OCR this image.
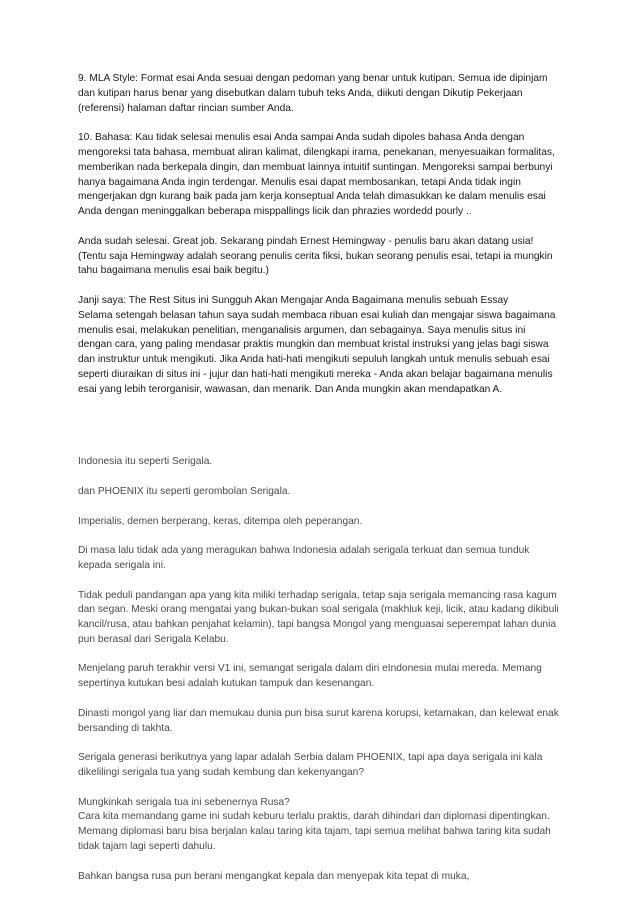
9. MLA Style: Format esai Anda sesuai dengan pedoman yang benar untuk kutipan. Semua ide dipinjam dan kutipan harus benar yang disebutkan dalam tubuh teks Anda, diikuti dengan Dikutip Pekerjaan (referensi) halaman daftar rincian sumber Anda.

10. Bahasa: Kau tidak selesai menulis esai Anda sampai Anda sudah dipoles bahasa Anda dengan mengoreksi tata bahasa, membuat aliran kalimat, dilengkapi irama, penekanan, menyesuaikan formalitas, memberikan nada berkepala dingin, dan membuat lainnya intuitif suntingan. Mengoreksi sampai berbunyi hanya bagaimana Anda ingin terdengar. Menulis esai dapat membosankan, tetapi Anda tidak ingin mengerjakan dgn kurang baik pada jam kerja konseptual Anda telah dimasukkan ke dalam menulis esai Anda dengan meninggalkan beberapa misppallings licik dan phrazies wordedd pourly ..

Anda sudah selesai. Great job. Sekarang pindah Ernest Hemingway - penulis baru akan datang usia! (Tentu saja Hemingway adalah seorang penulis cerita fiksi, bukan seorang penulis esai, tetapi ia mungkin tahu bagaimana menulis esai baik begitu.)

Janji saya: The Rest Situs ini Sungguh Akan Mengajar Anda Bagaimana menulis sebuah Essay
Selama setengah belasan tahun saya sudah membaca ribuan esai kuliah dan mengajar siswa bagaimana menulis esai, melakukan penelitian, menganalisis argumen, dan sebagainya. Saya menulis situs ini dengan cara, yang paling mendasar praktis mungkin dan membuat kristal instruksi yang jelas bagi siswa dan instruktur untuk mengikuti. Jika Anda hati-hati mengikuti sepuluh langkah untuk menulis sebuah esai seperti diuraikan di situs ini - jujur dan hati-hati mengikuti mereka - Anda akan belajar bagaimana menulis esai yang lebih terorganisir, wawasan, dan menarik. Dan Anda mungkin akan mendapatkan A.

Indonesia itu seperti Serigala.

dan PHOENIX itu seperti gerombolan Serigala.

Imperialis, demen berperang, keras, ditempa oleh peperangan.

Di masa lalu tidak ada yang meragukan bahwa Indonesia adalah serigala terkuat dan semua tunduk kepada serigala ini.

Tidak peduli pandangan apa yang kita miliki terhadap serigala, tetap saja serigala memancing rasa kagum dan segan. Meski orang mengatai yang bukan-bukan soal serigala (makhluk keji, licik, atau kadang dikibuli kancil/rusa, atau bahkan penjahat kelamin), tapi bangsa Mongol yang menguasai seperempat lahan dunia pun berasal dari Serigala Kelabu.

Menjelang paruh terakhir versi V1 ini, semangat serigala dalam diri eIndonesia mulai mereda. Memang sepertinya kutukan besi adalah kutukan tampuk dan kesenangan.

Dinasti mongol yang liar dan memukau dunia pun bisa surut karena korupsi, ketamakan, dan kelewat enak bersanding di takhta.

Serigala generasi berikutnya yang lapar adalah Serbia dalam PHOENIX, tapi apa daya serigala ini kala dikelilingi serigala tua yang sudah kembung dan kekenyangan?

Mungkinkah serigala tua ini sebenernya Rusa?
Cara kita memandang game ini sudah keburu terlalu praktis, darah dihindari dan diplomasi dipentingkan. Memang diplomasi baru bisa berjalan kalau taring kita tajam, tapi semua melihat bahwa taring kita sudah tidak tajam lagi seperti dahulu.

Bahkan bangsa rusa pun berani mengangkat kepala dan menyepak kita tepat di muka,
